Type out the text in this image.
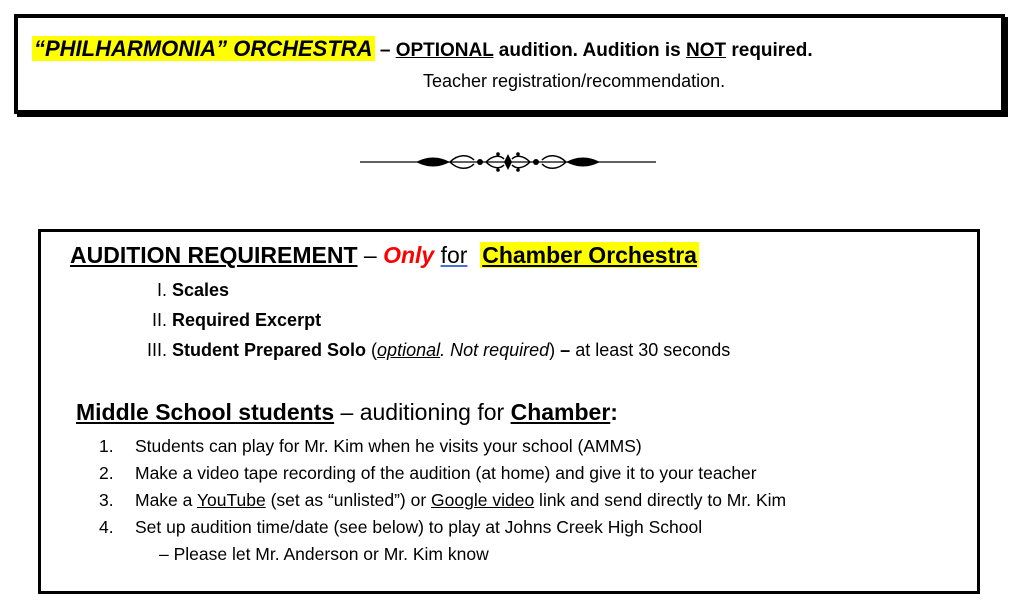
“PHILHARMONIA” ORCHESTRA – OPTIONAL audition. Audition is NOT required.
Teacher registration/recommendation.
AUDITION REQUIREMENT – Only for Chamber Orchestra
I. Scales
II. Required Excerpt
III. Student Prepared Solo (optional. Not required) – at least 30 seconds
Middle School students – auditioning for Chamber:
1. Students can play for Mr. Kim when he visits your school (AMMS)
2. Make a video tape recording of the audition (at home) and give it to your teacher
3. Make a YouTube (set as “unlisted”) or Google video link and send directly to Mr. Kim
4. Set up audition time/date (see below) to play at Johns Creek High School
– Please let Mr. Anderson or Mr. Kim know
